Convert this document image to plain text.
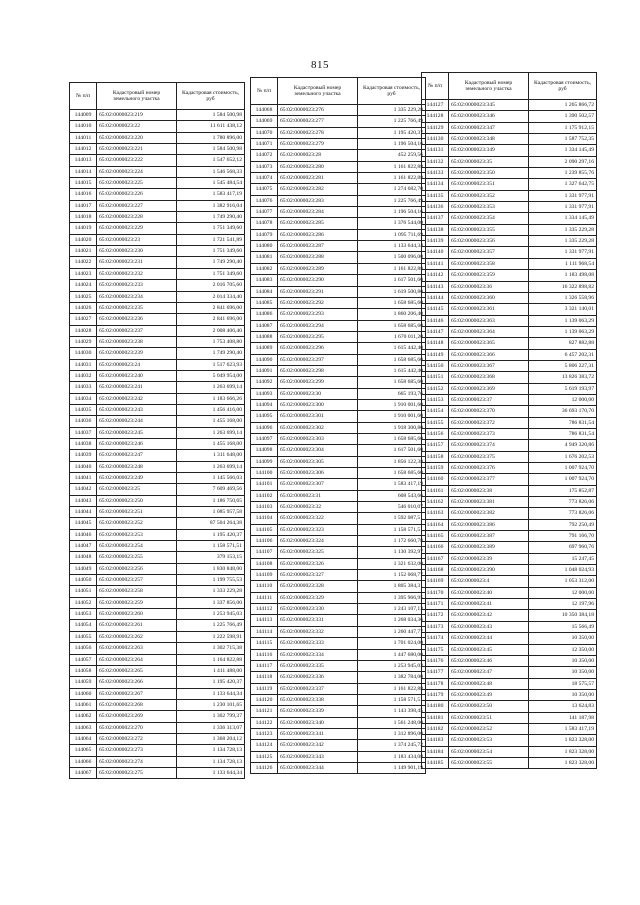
815
№ п/п	Кадастровый номер земельного участка	Кадастровая стоимость, руб
144009	65:02:0000023:219	1 584 500,98
144010	65:02:0000023:22	11 611 438,12
144011	65:02:0000023:220	1 780 896,00
144012	65:02:0000023:221	1 584 500,98
144013	65:02:0000023:222	1 547 652,12
144014	65:02:0000023:224	1 546 568,33
144015	65:02:0000023:225	1 545 484,54
144016	65:02:0000023:226	1 583 417,19
144017	65:02:0000023:227	1 382 916,04
144018	65:02:0000023:228	1 749 290,40
144019	65:02:0000023:229	1 751 349,60
144020	65:02:0000023:23	1 721 541,89
144021	65:02:0000023:230	1 751 349,60
144022	65:02:0000023:231	1 749 290,40
144023	65:02:0000023:232	1 751 349,60
144024	65:02:0000023:233	2 016 705,60
144025	65:02:0000023:234	2 014 334,40
144026	65:02:0000023:235	2 841 696,00
144027	65:02:0000023:236	2 841 696,00
144028	65:02:0000023:237	2 008 406,40
144029	65:02:0000023:238	1 753 408,80
144030	65:02:0000023:239	1 749 290,40
144031	65:02:0000023:24	1 517 623,93
144032	65:02:0000023:240	5 049 954,00
144033	65:02:0000023:241	1 263 699,14
144034	65:02:0000023:242	1 183 666,26
144035	65:02:0000023:243	1 456 416,00
144036	65:02:0000023:244	1 455 168,00
144037	65:02:0000023:245	1 263 699,14
144038	65:02:0000023:246	1 455 168,00
144039	65:02:0000023:247	1 311 648,00
144040	65:02:0000023:248	1 263 699,14
144041	65:02:0000023:249	1 145 566,03
144042	65:02:0000023:25	7 609 469,56
144043	65:02:0000023:250	1 186 750,65
144044	65:02:0000023:251	1 085 957,58
144045	65:02:0000023:252	87 504 264,38
144046	65:02:0000023:253	1 195 420,37
144047	65:02:0000023:254	1 158 571,51
144048	65:02:0000023:255	379 153,15
144049	65:02:0000023:256	1 830 848,00
144050	65:02:0000023:257	1 199 755,53
144051	65:02:0000023:258	1 333 229,28
144052	65:02:0000023:259	1 337 856,00
144053	65:02:0000023:260	1 253 945,03
144054	65:02:0000023:261	1 225 766,49
144055	65:02:0000023:262	1 222 598,91
144056	65:02:0000023:263	1 302 715,38
144057	65:02:0000023:264	1 164 822,88
144058	65:02:0000023:265	1 411 488,00
144059	65:02:0000023:266	1 195 420,37
144060	65:02:0000023:267	1 133 644,34
144061	65:02:0000023:268	1 230 101,65
144062	65:02:0000023:269	1 302 799,37
144063	65:02:0000023:270	1 336 313,07
144064	65:02:0000023:272	1 368 204,12
144065	65:02:0000023:273	1 134 728,13
144066	65:02:0000023:274	1 134 728,13
144067	65:02:0000023:275	1 133 644,34
№ п/п	Кадастровый номер земельного участка	Кадастровая стоимость, руб
144068	65:02:0000023:276	1 335 229,28
144069	65:02:0000023:277	1 225 766,49
144070	65:02:0000023:278	1 195 420,37
144071	65:02:0000023:279	1 196 504,16
144072	65:02:0000023:28	452 259,56
144073	65:02:0000023:280	1 161 822,88
144074	65:02:0000023:281	1 161 822,88
144075	65:02:0000023:282	1 274 682,70
144076	65:02:0000023:283	1 225 766,49
144077	65:02:0000023:284	1 196 504,16
144078	65:02:0000023:285	1 376 544,00
144079	65:02:0000023:286	1 095 711,69
144080	65:02:0000023:287	1 133 644,34
144081	65:02:0000023:288	1 500 096,00
144082	65:02:0000023:289	1 161 822,88
144083	65:02:0000023:290	1 617 501,60
144084	65:02:0000023:291	1 619 500,80
144085	65:02:0000023:292	1 658 685,60
144086	65:02:0000023:293	1 860 206,40
144087	65:02:0000023:294	1 658 685,60
144088	65:02:0000023:295	1 670 011,20
144089	65:02:0000023:296	1 615 442,40
144090	65:02:0000023:297	1 658 685,60
144091	65:02:0000023:298	1 615 442,40
144092	65:02:0000023:299	1 658 685,60
144093	65:02:0000023:30	665 193,76
144094	65:02:0000023:300	1 910 001,60
144095	65:02:0000023:301	1 910 001,60
144096	65:02:0000023:302	1 918 300,80
144097	65:02:0000023:303	1 658 685,60
144098	65:02:0000023:304	1 617 501,60
144099	65:02:0000023:305	1 856 122,38
144100	65:02:0000023:306	1 658 685,60
144101	65:02:0000023:307	1 583 417,19
144102	65:02:0000023:31	608 543,66
144103	65:02:0000023:32	546 010,07
144104	65:02:0000023:322	1 592 087,51
144105	65:02:0000023:323	1 158 571,51
144106	65:02:0000023:324	1 172 660,78
144107	65:02:0000023:325	1 130 392,97
144108	65:02:0000023:326	1 321 632,00
144109	65:02:0000023:327	1 152 068,77
144110	65:02:0000023:328	1 805 384,31
144111	65:02:0000023:329	1 395 966,95
144112	65:02:0000023:330	1 243 107,13
144113	65:02:0000023:331	1 268 034,36
144114	65:02:0000023:332	1 260 447,77
144115	65:02:0000023:333	1 701 024,00
144116	65:02:0000023:334	1 447 680,00
144117	65:02:0000023:335	1 253 945,03
144118	65:02:0000023:336	1 382 784,00
144119	65:02:0000023:337	1 161 822,88
144120	65:02:0000023:338	1 158 571,51
144121	65:02:0000023:339	1 143 398,45
144122	65:02:0000023:340	1 561 248,00
144123	65:02:0000023:341	1 312 896,00
144124	65:02:0000023:342	1 374 245,72
144125	65:02:0000023:343	1 183 434,08
144126	65:02:0000023:344	1 149 901,19
№ п/п	Кадастровый номер земельного участка	Кадастровая стоимость, руб
144127	65:02:0000023:345	1 265 866,72
144128	65:02:0000023:346	1 390 502,57
144129	65:02:0000023:347	1 175 912,15
144130	65:02:0000023:348	1 587 752,35
144131	65:02:0000023:349	1 334 145,49
144132	65:02:0000023:35	2 090 297,16
144133	65:02:0000023:350	1 239 855,76
144134	65:02:0000023:351	1 327 642,75
144135	65:02:0000023:352	1 331 977,91
144136	65:02:0000023:353	1 331 977,91
144137	65:02:0000023:354	1 334 145,49
144138	65:02:0000023:355	1 335 229,28
144139	65:02:0000023:356	1 335 229,28
144140	65:02:0000023:357	1 331 977,91
144141	65:02:0000023:358	1 111 968,54
144142	65:02:0000023:359	1 183 498,08
144143	65:02:0000023:36	16 322 898,82
144144	65:02:0000023:360	1 326 558,96
144145	65:02:0000023:361	3 321 140,01
144146	65:02:0000023:363	1 139 063,29
144147	65:02:0000023:364	1 139 063,29
144148	65:02:0000023:365	827 882,88
144149	65:02:0000023:366	6 457 202,31
144150	65:02:0000023:367	5 806 227,31
144151	65:02:0000023:368	13 826 383,72
144152	65:02:0000023:369	5 619 193,97
144153	65:02:0000023:37	12 000,00
144154	65:02:0000023:370	36 693 170,70
144155	65:02:0000023:372	786 831,54
144156	65:02:0000023:373	786 831,54
144157	65:02:0000023:374	4 949 320,86
144158	65:02:0000023:375	1 676 202,53
144159	65:02:0000023:376	1 007 924,70
144160	65:02:0000023:377	1 007 924,70
144161	65:02:0000023:38	175 852,87
144162	65:02:0000023:381	773 826,06
144163	65:02:0000023:382	773 826,06
144164	65:02:0000023:386	792 250,49
144165	65:02:0000023:387	791 166,70
144166	65:02:0000023:389	697 960,76
144167	65:02:0000023:39	15 247,45
144168	65:02:0000023:390	1 048 024,93
144169	65:02:0000023:4	1 053 312,00
144170	65:02:0000023:40	12 000,00
144171	65:02:0000023:41	12 197,96
144172	65:02:0000023:42	10 350 384,18
144173	65:02:0000023:43	15 566,49
144174	65:02:0000023:44	10 350,00
144175	65:02:0000023:45	12 350,00
144176	65:02:0000023:46	10 350,00
144177	65:02:0000023:47	10 350,00
144178	65:02:0000023:48	18 575,57
144179	65:02:0000023:49	10 350,00
144180	65:02:0000023:50	13 624,83
144181	65:02:0000023:51	141 187,98
144182	65:02:0000023:52	1 583 417,19
144183	65:02:0000023:53	1 823 328,00
144184	65:02:0000023:54	1 823 328,00
144185	65:02:0000023:55	1 823 328,00
